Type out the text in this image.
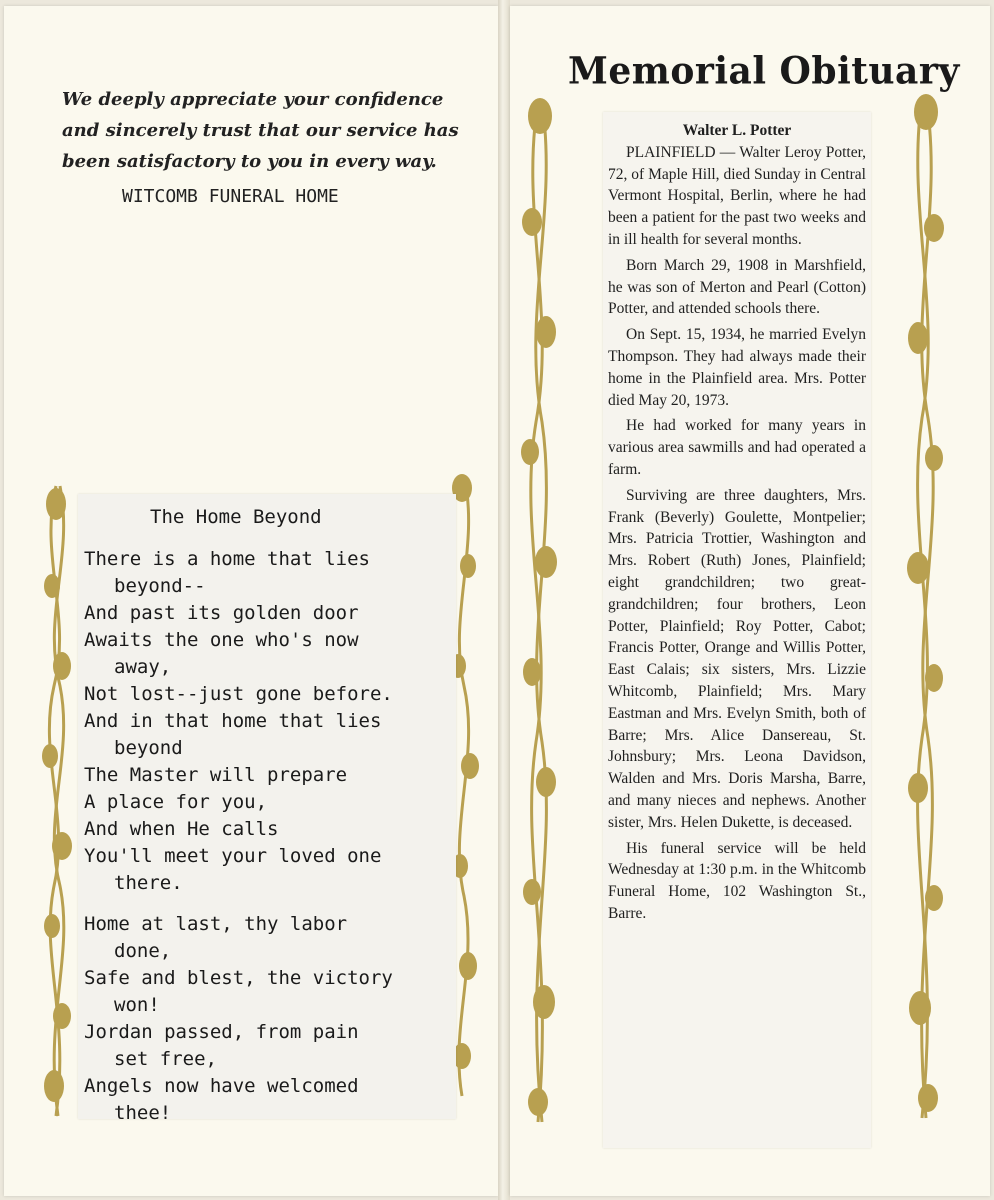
We deeply appreciate your confidence and sincerely trust that our service has been satisfactory to you in every way.
WITCOMB FUNERAL HOME
The Home Beyond
There is a home that lies
beyond--
And past its golden door
Awaits the one who's now
away,
Not lost--just gone before.
And in that home that lies
beyond
The Master will prepare
A place for you,
And when He calls
You'll meet your loved one
there.
Home at last, thy labor
done,
Safe and blest, the victory
won!
Jordan passed, from pain
set free,
Angels now have welcomed
thee!
Memorial Obituary
Walter L. Potter

PLAINFIELD — Walter Leroy Potter, 72, of Maple Hill, died Sunday in Central Vermont Hospital, Berlin, where he had been a patient for the past two weeks and in ill health for several months.

Born March 29, 1908 in Marshfield, he was son of Merton and Pearl (Cotton) Potter, and attended schools there.

On Sept. 15, 1934, he married Evelyn Thompson. They had always made their home in the Plainfield area. Mrs. Potter died May 20, 1973.

He had worked for many years in various area sawmills and had operated a farm.

Surviving are three daughters, Mrs. Frank (Beverly) Goulette, Montpelier; Mrs. Patricia Trottier, Washington and Mrs. Robert (Ruth) Jones, Plainfield; eight grandchildren; two great-grandchildren; four brothers, Leon Potter, Plainfield; Roy Potter, Cabot; Francis Potter, Orange and Willis Potter, East Calais; six sisters, Mrs. Lizzie Whitcomb, Plainfield; Mrs. Mary Eastman and Mrs. Evelyn Smith, both of Barre; Mrs. Alice Dansereau, St. Johnsbury; Mrs. Leona Davidson, Walden and Mrs. Doris Marsha, Barre, and many nieces and nephews. Another sister, Mrs. Helen Dukette, is deceased.

His funeral service will be held Wednesday at 1:30 p.m. in the Whitcomb Funeral Home, 102 Washington St., Barre.
